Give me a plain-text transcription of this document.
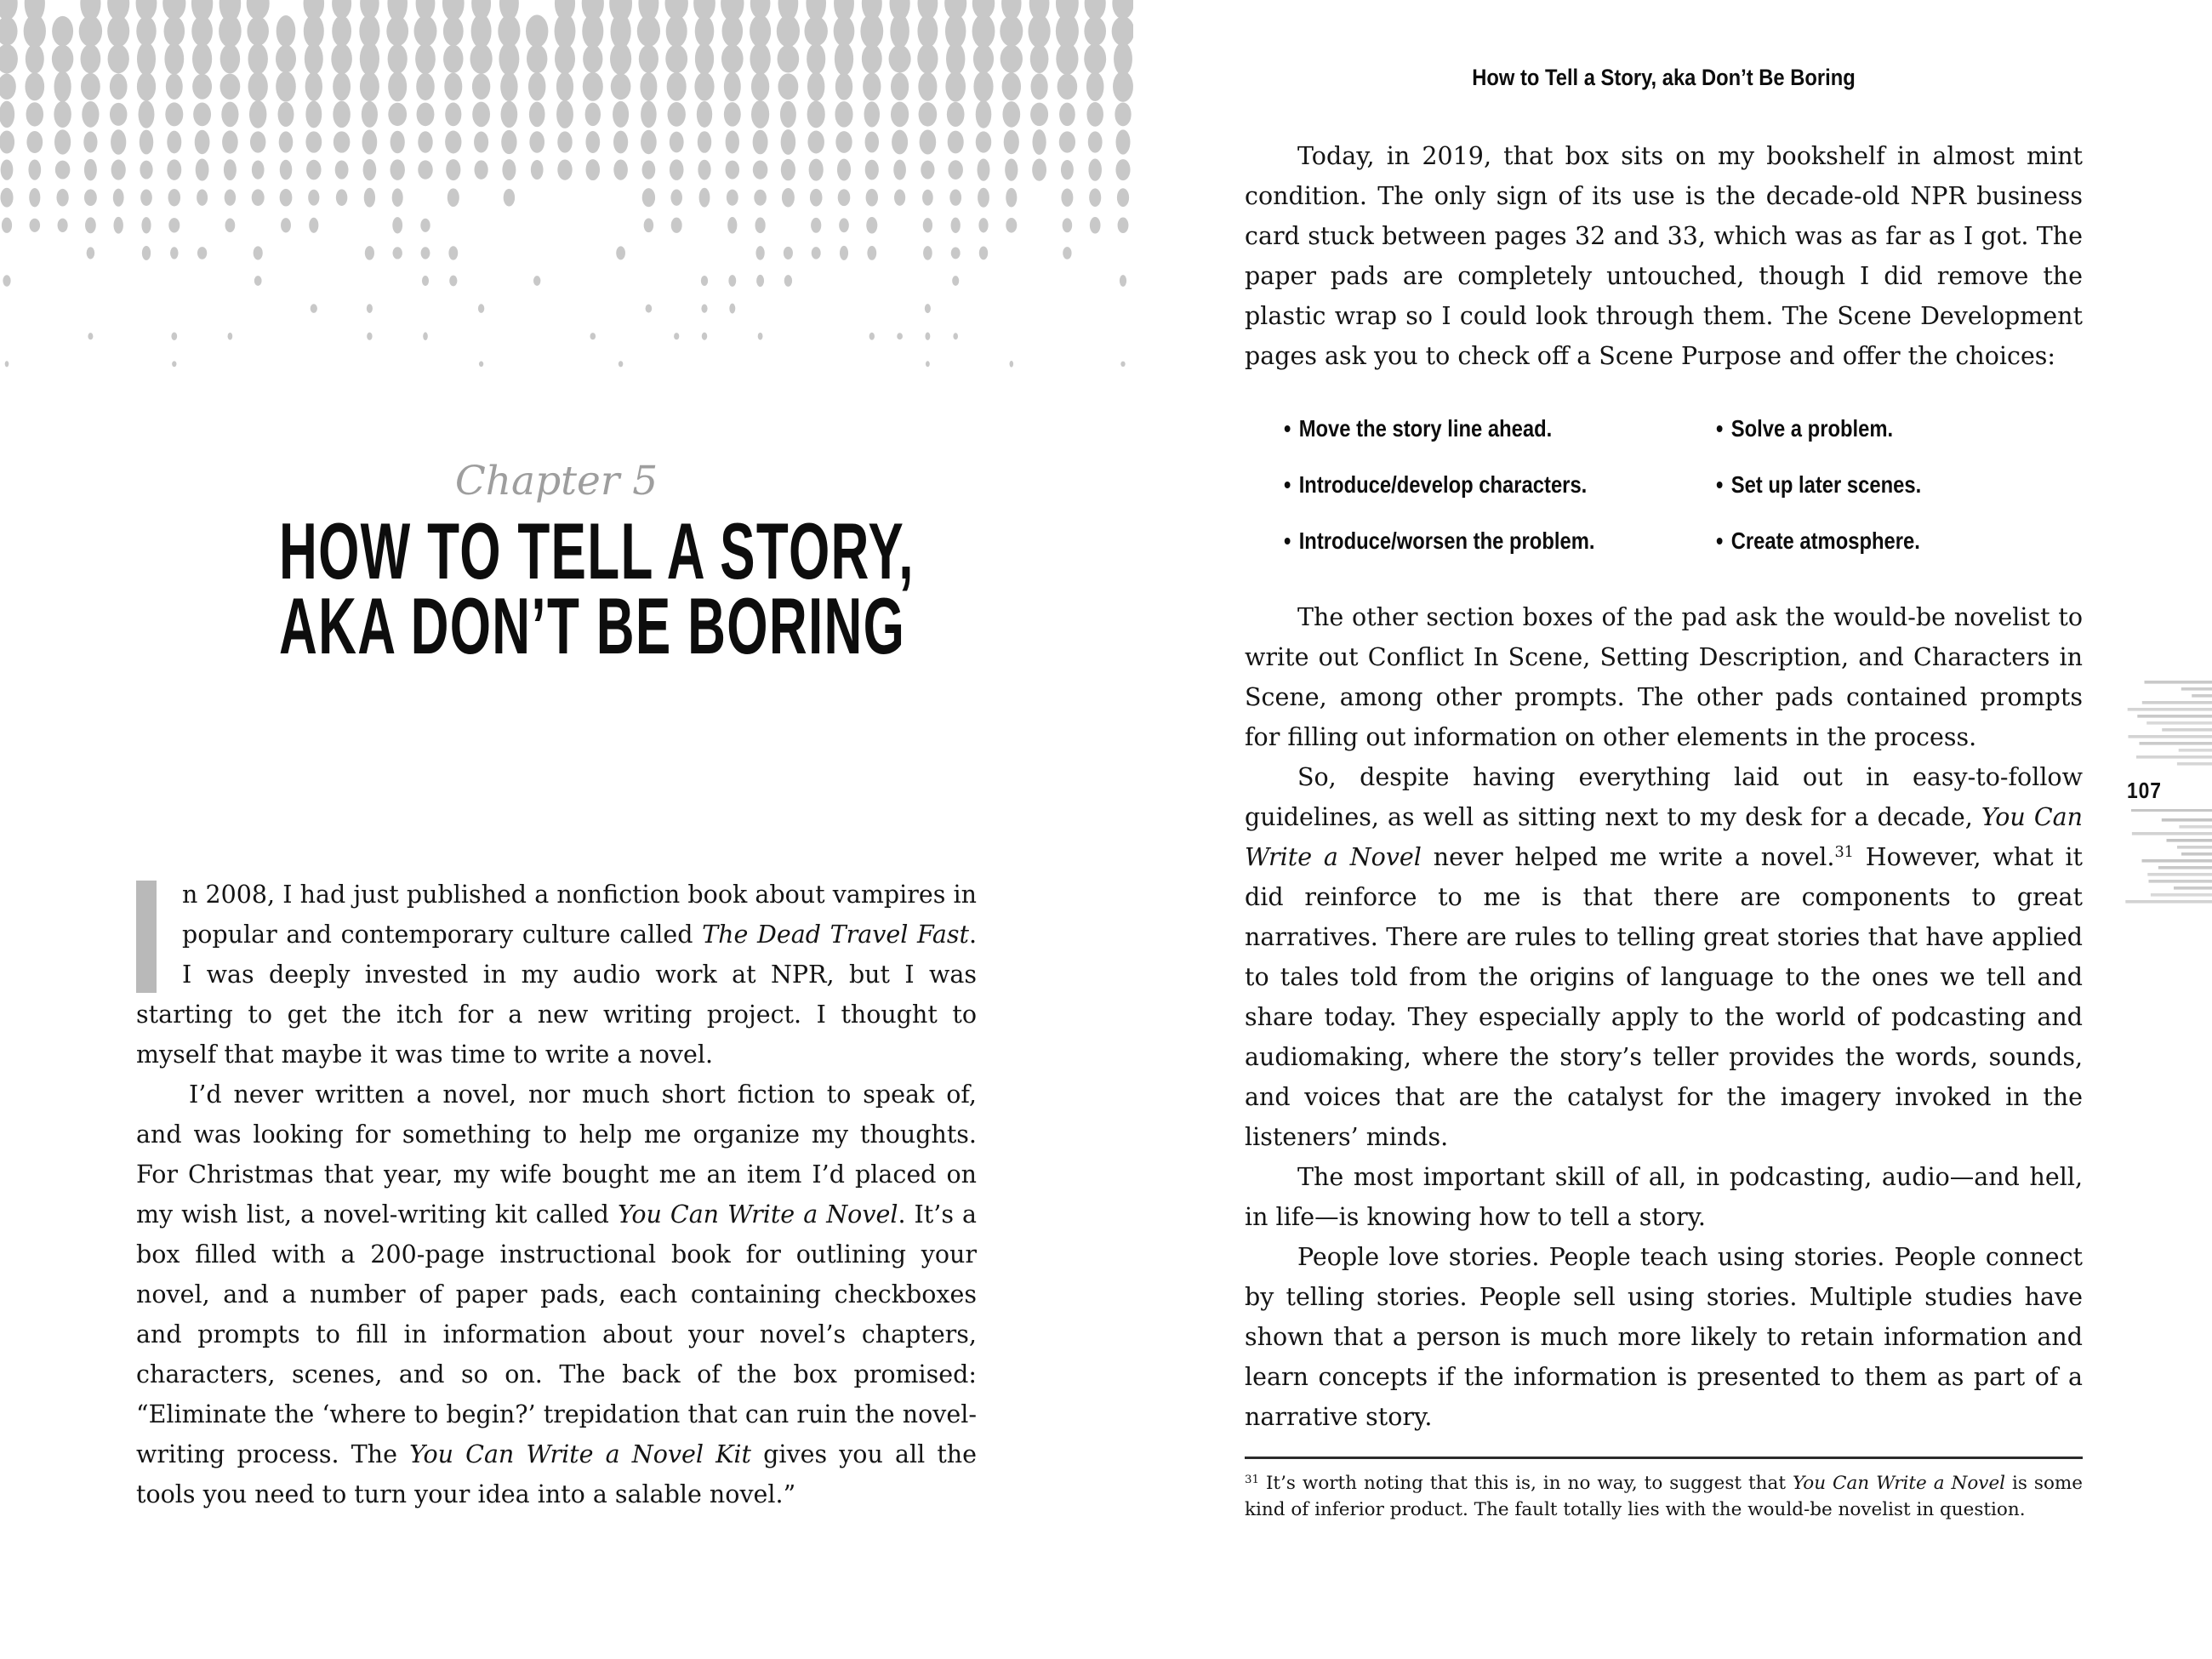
Chapter 5
HOW TO TELL A STORY,
AKA DON’T BE BORING

n 2008, I had just published a nonfiction book about vampires in popular and contemporary culture called The Dead Travel Fast. I was deeply invested in my audio work at NPR, but I was starting to get the itch for a new writing project. I thought to myself that maybe it was time to write a novel.

I’d never written a novel, nor much short fiction to speak of, and was looking for something to help me organize my thoughts. For Christmas that year, my wife bought me an item I’d placed on my wish list, a novel-writing kit called You Can Write a Novel. It’s a box filled with a 200-page instructional book for outlining your novel, and a number of paper pads, each containing checkboxes and prompts to fill in information about your novel’s chapters, characters, scenes, and so on. The back of the box promised: “Eliminate the ‘where to begin?’ trepidation that can ruin the novel-writing process. The You Can Write a Novel Kit gives you all the tools you need to turn your idea into a salable novel.”

How to Tell a Story, aka Don’t Be Boring

Today, in 2019, that box sits on my bookshelf in almost mint condition. The only sign of its use is the decade-old NPR business card stuck between pages 32 and 33, which was as far as I got. The paper pads are completely untouched, though I did remove the plastic wrap so I could look through them. The Scene Development pages ask you to check off a Scene Purpose and offer the choices:

• Move the story line ahead.
• Introduce/develop characters.
• Introduce/worsen the problem.
• Solve a problem.
• Set up later scenes.
• Create atmosphere.

The other section boxes of the pad ask the would-be novelist to write out Conflict In Scene, Setting Description, and Characters in Scene, among other prompts. The other pads contained prompts for filling out information on other elements in the process.

So, despite having everything laid out in easy-to-follow guidelines, as well as sitting next to my desk for a decade, You Can Write a Novel never helped me write a novel.$^{31}$ However, what it did reinforce to me is that there are components to great narratives. There are rules to telling great stories that have applied to tales told from the origins of language to the ones we tell and share today. They especially apply to the world of podcasting and audiomaking, where the story’s teller provides the words, sounds, and voices that are the catalyst for the imagery invoked in the listeners’ minds.

The most important skill of all, in podcasting, audio—and hell, in life—is knowing how to tell a story.

People love stories. People teach using stories. People connect by telling stories. People sell using stories. Multiple studies have shown that a person is much more likely to retain information and learn concepts if the information is presented to them as part of a narrative story.

$^{31}$ It’s worth noting that this is, in no way, to suggest that You Can Write a Novel is some kind of inferior product. The fault totally lies with the would-be novelist in question.

107
